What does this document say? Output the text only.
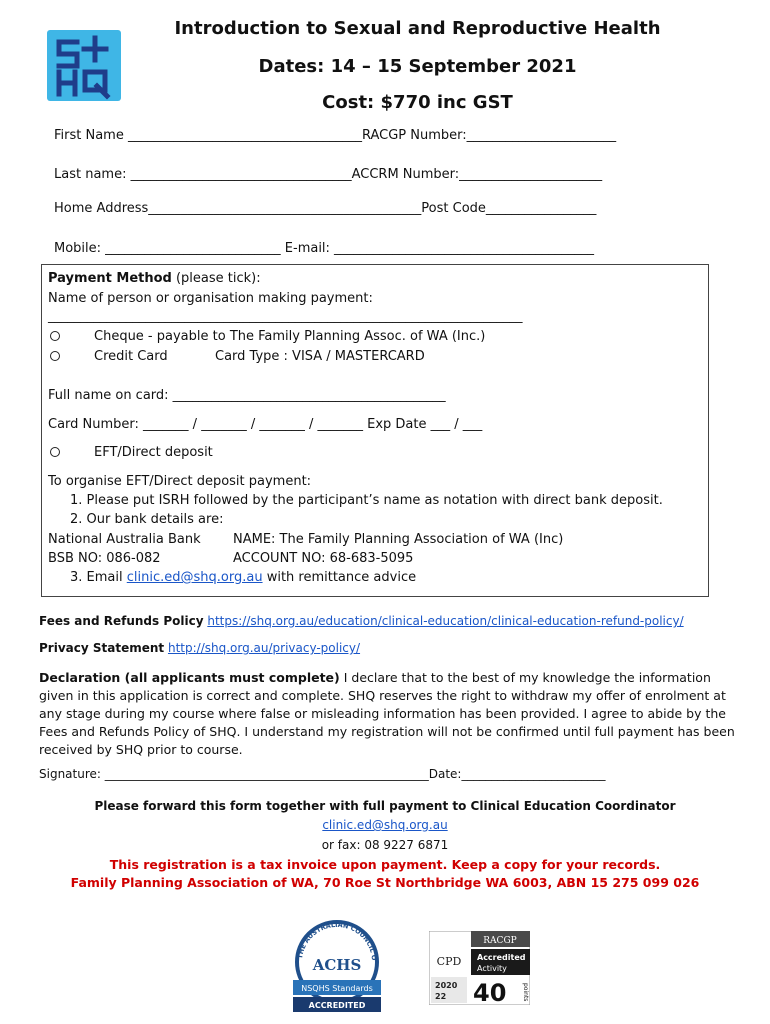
Introduction to Sexual and Reproductive Health
Dates: 14 – 15 September 2021
Cost: $770 inc GST
First Name ____________________________________RACGP Number:_______________________
Last name: __________________________________ACCRM Number:______________________
Home Address__________________________________________Post Code_________________
Mobile: ___________________________ E-mail: ________________________________________
Payment Method (please tick):
Name of person or organisation making payment:
_________________________________________________________________________
Cheque - payable to The Family Planning Assoc. of WA (Inc.)
Credit Card	Card Type : VISA / MASTERCARD
Full name on card: __________________________________________
Card Number: _______ / _______ / _______ / _______ Exp Date ___ / ___
EFT/Direct deposit
To organise EFT/Direct deposit payment:
1. Please put ISRH followed by the participant’s name as notation with direct bank deposit.
2. Our bank details are:
National Australia Bank NAME: The Family Planning Association of WA (Inc)
BSB NO: 086-082	ACCOUNT NO: 68-683-5095
3. Email clinic.ed@shq.org.au with remittance advice
Fees and Refunds Policy https://shq.org.au/education/clinical-education/clinical-education-refund-policy/
Privacy Statement http://shq.org.au/privacy-policy/
Declaration (all applicants must complete) I declare that to the best of my knowledge the information given in this application is correct and complete. SHQ reserves the right to withdraw my offer of enrolment at any stage during my course where false or misleading information has been provided. I agree to abide by the Fees and Refunds Policy of SHQ. I understand my registration will not be confirmed until full payment has been received by SHQ prior to course.
Signature: ______________________________________________________Date:________________________
Please forward this form together with full payment to Clinical Education Coordinator
clinic.ed@shq.org.au
or fax: 08 9227 6871
This registration is a tax invoice upon payment. Keep a copy for your records.
Family Planning Association of WA, 70 Roe St Northbridge WA 6003, ABN 15 275 099 026
THE AUSTRALIAN COUNCIL O
ACHS
NSQHS Standards
ACCREDITED
RACGP
CPD Accredited
Activity
2020
22 40	points
